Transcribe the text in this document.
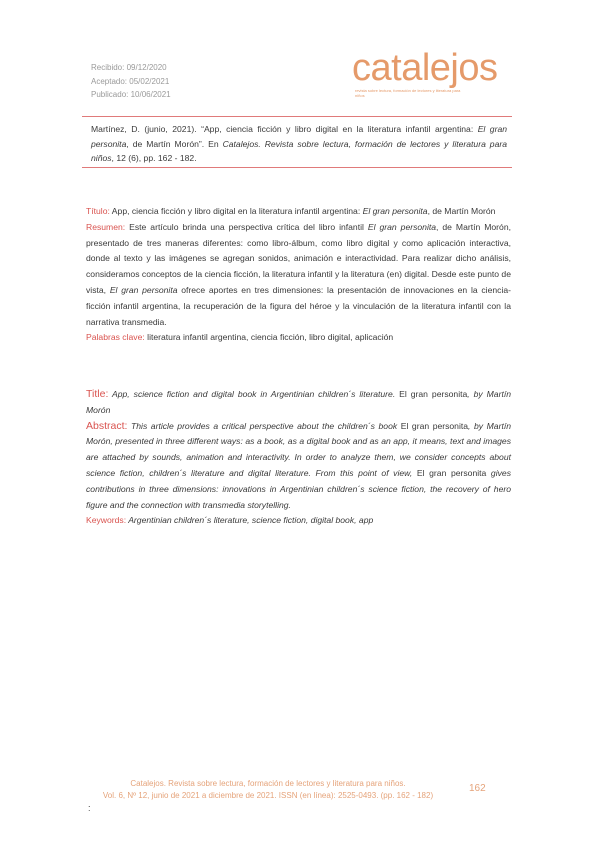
Recibido: 09/12/2020
Aceptado: 05/02/2021
Publicado: 10/06/2021
catalejos
revista sobre lectura, formación de lectores y literatura para niños
Martínez, D. (junio, 2021). “App, ciencia ficción y libro digital en la literatura infantil argentina: El gran personita, de Martín Morón”. En Catalejos. Revista sobre lectura, formación de lectores y literatura para niños, 12 (6), pp. 162 - 182.

Título: App, ciencia ficción y libro digital en la literatura infantil argentina: El gran personita, de Martín Morón

Resumen: Este artículo brinda una perspectiva crítica del libro infantil El gran personita, de Martín Morón, presentado de tres maneras diferentes: como libro-álbum, como libro digital y como aplicación interactiva, donde al texto y las imágenes se agregan sonidos, animación e interactividad. Para realizar dicho análisis, consideramos conceptos de la ciencia ficción, la literatura infantil y la literatura (en) digital. Desde este punto de vista, El gran personita ofrece aportes en tres dimensiones: la presentación de innovaciones en la ciencia-ficción infantil argentina, la recuperación de la figura del héroe y la vinculación de la literatura infantil con la narrativa transmedia.

Palabras clave: literatura infantil argentina, ciencia ficción, libro digital, aplicación

Title: App, science fiction and digital book in Argentinian children´s literature. El gran personita, by Martín Morón

Abstract: This article provides a critical perspective about the children´s book El gran personita, by Martín Morón, presented in three different ways: as a book, as a digital book and as an app, it means, text and images are attached by sounds, animation and interactivity. In order to analyze them, we consider concepts about science fiction, children´s literature and digital literature. From this point of view, El gran personita gives contributions in three dimensions: innovations in Argentinian children´s science fiction, the recovery of hero figure and the connection with transmedia storytelling.

Keywords: Argentinian children´s literature, science fiction, digital book, app

Catalejos. Revista sobre lectura, formación de lectores y literatura para niños.
Vol. 6, Nº 12, junio de 2021 a diciembre de 2021. ISSN (en línea): 2525-0493. (pp. 162 - 182)
162
:
